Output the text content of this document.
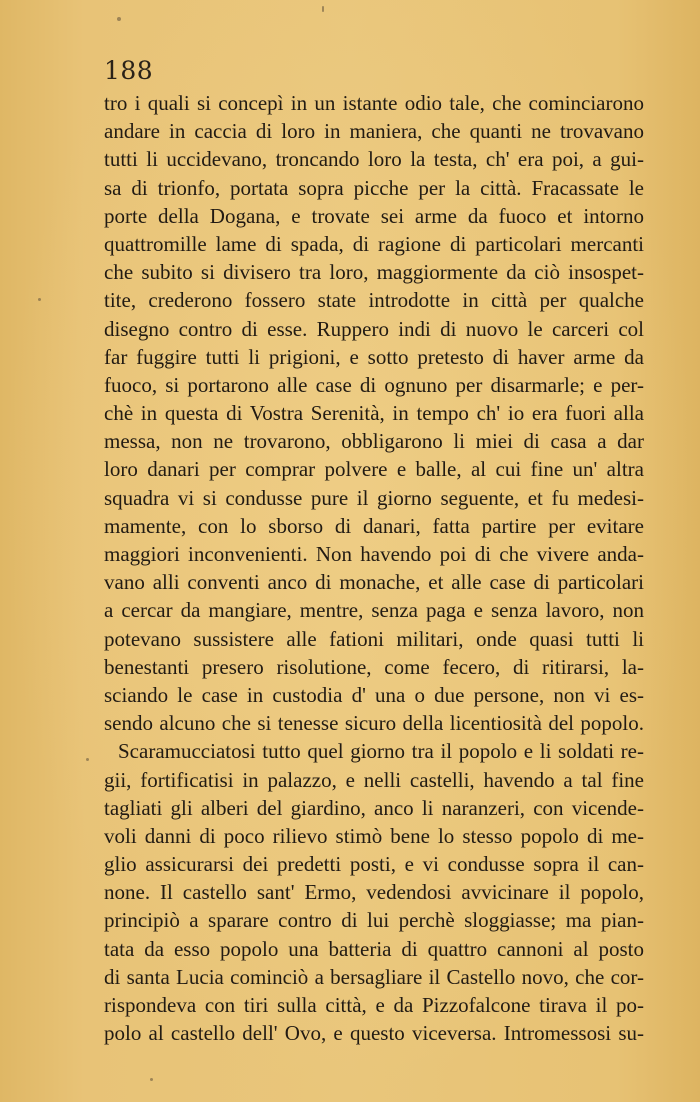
188
tro i quali si concepì in un istante odio tale, che cominciarono
andare in caccia di loro in maniera, che quanti ne trovavano
tutti li uccidevano, troncando loro la testa, ch' era poi, a gui-
sa di trionfo, portata sopra picche per la città. Fracassate le
porte della Dogana, e trovate sei arme da fuoco et intorno
quattromille lame di spada, di ragione di particolari mercanti
che subito si divisero tra loro, maggiormente da ciò insospet-
tite, crederono fossero state introdotte in città per qualche
disegno contro di esse. Ruppero indi di nuovo le carceri col
far fuggire tutti li prigioni, e sotto pretesto di haver arme da
fuoco, si portarono alle case di ognuno per disarmarle; e per-
chè in questa di Vostra Serenità, in tempo ch' io era fuori alla
messa, non ne trovarono, obbligarono li miei di casa a dar
loro danari per comprar polvere e balle, al cui fine un' altra
squadra vi si condusse pure il giorno seguente, et fu medesi-
mamente, con lo sborso di danari, fatta partire per evitare
maggiori inconvenienti. Non havendo poi di che vivere anda-
vano alli conventi anco di monache, et alle case di particolari
a cercar da mangiare, mentre, senza paga e senza lavoro, non
potevano sussistere alle fationi militari, onde quasi tutti li
benestanti presero risolutione, come fecero, di ritirarsi, la-
sciando le case in custodia d' una o due persone, non vi es-
sendo alcuno che si tenesse sicuro della licentiosità del popolo.
Scaramucciatosi tutto quel giorno tra il popolo e li soldati re-
gii, fortificatisi in palazzo, e nelli castelli, havendo a tal fine
tagliati gli alberi del giardino, anco li naranzeri, con vicende-
voli danni di poco rilievo stimò bene lo stesso popolo di me-
glio assicurarsi dei predetti posti, e vi condusse sopra il can-
none. Il castello sant' Ermo, vedendosi avvicinare il popolo,
principiò a sparare contro di lui perchè sloggiasse; ma pian-
tata da esso popolo una batteria di quattro cannoni al posto
di santa Lucia cominciò a bersagliare il Castello novo, che cor-
rispondeva con tiri sulla città, e da Pizzofalcone tirava il po-
polo al castello dell' Ovo, e questo viceversa. Intromessosi su-
